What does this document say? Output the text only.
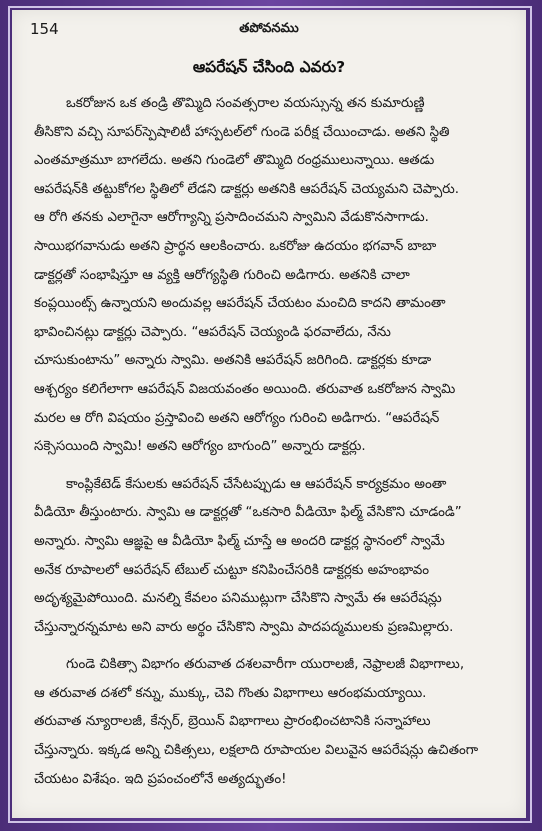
154	తపోవనము
ఆపరేషన్ చేసింది ఎవరు?

ఒకరోజున ఒక తండ్రి తొమ్మిది సంవత్సరాల వయస్సున్న తన కుమారుణ్ణి
తీసికొని వచ్చి సూపర్‌స్పెషాలిటీ హాస్పటల్‌లో గుండె పరీక్ష చేయించాడు. అతని స్థితి
ఎంతమాత్రమూ బాగలేదు. అతని గుండెలో తొమ్మిది రంధ్రములున్నాయి. ఆతడు
ఆపరేషన్‌కి తట్టుకోగల స్థితిలో లేడని డాక్టర్లు అతనికి ఆపరేషన్ చెయ్యమని చెప్పారు.
ఆ రోగి తనకు ఎలాగైనా ఆరోగ్యాన్ని ప్రసాదించమని స్వామిని వేడుకొనసాగాడు.
సాయిభగవానుడు అతని ప్రార్థన ఆలకించారు. ఒకరోజు ఉదయం భగవాన్ బాబా
డాక్టర్లతో సంభాషిస్తూ ఆ వ్యక్తి ఆరోగ్యస్థితి గురించి అడిగారు. అతనికి చాలా
కంప్లయింట్స్ ఉన్నాయని అందువల్ల ఆపరేషన్ చేయటం మంచిది కాదని తామంతా
భావించినట్లు డాక్టర్లు చెప్పారు. “ఆపరేషన్ చెయ్యండి ఫరవాలేదు, నేను
చూసుకుంటాను” అన్నారు స్వామి. అతనికి ఆపరేషన్ జరిగింది. డాక్టర్లకు కూడా
ఆశ్చర్యం కలిగేలాగా ఆపరేషన్ విజయవంతం అయింది. తరువాత ఒకరోజున స్వామి
మరల ఆ రోగి విషయం ప్రస్తావించి అతని ఆరోగ్యం గురించి అడిగారు. “ఆపరేషన్
సక్సెసయింది స్వామి! అతని ఆరోగ్యం బాగుంది” అన్నారు డాక్టర్లు.

కాంప్లికేటెడ్ కేసులకు ఆపరేషన్ చేసేటప్పుడు ఆ ఆపరేషన్ కార్యక్రమం అంతా
వీడియో తీస్తుంటారు. స్వామి ఆ డాక్టర్లతో “ఒకసారి వీడియో ఫిల్మ్ వేసికొని చూడండి”
అన్నారు. స్వామి ఆజ్ఞపై ఆ వీడియో ఫిల్మ్ చూస్తే ఆ అందరి డాక్టర్ల స్థానంలో స్వామే
అనేక రూపాలలో ఆపరేషన్ టేబుల్ చుట్టూ కనిపించేసరికి డాక్టర్లకు అహంభావం
అదృశ్యమైపోయింది. మనల్ని కేవలం పనిముట్లుగా చేసికొని స్వామే ఈ ఆపరేషన్లు
చేస్తున్నారన్నమాట అని వారు అర్థం చేసికొని స్వామి పాదపద్మములకు ప్రణమిల్లారు.

గుండె చికిత్సా విభాగం తరువాత దశలవారీగా యురాలజీ, నెఫ్రాలజీ విభాగాలు,
ఆ తరువాత దశలో కన్ను, ముక్కు, చెవి గొంతు విభాగాలు ఆరంభమయ్యాయి.
తరువాత న్యూరాలజీ, కేన్సర్, బ్రెయిన్ విభాగాలు ప్రారంభించటానికి సన్నాహాలు
చేస్తున్నారు. ఇక్కడ అన్ని చికిత్సలు, లక్షలాది రూపాయల విలువైన ఆపరేషన్లు ఉచితంగా
చేయటం విశేషం. ఇది ప్రపంచంలోనే అత్యద్భుతం!
